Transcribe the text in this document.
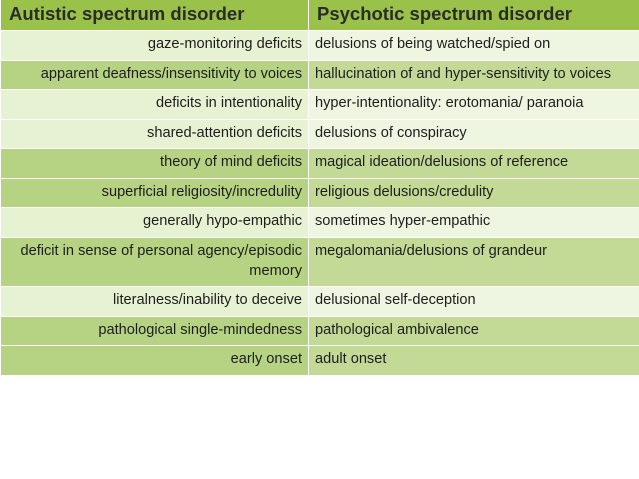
Autistic spectrum disorder	Psychotic spectrum disorder
gaze-monitoring deficits	delusions of being watched/spied on
apparent deafness/insensitivity to voices	hallucination of and hyper-sensitivity to voices
deficits in intentionality	hyper-intentionality: erotomania/ paranoia
shared-attention deficits	delusions of conspiracy
theory of mind deficits	magical ideation/delusions of reference
superficial religiosity/incredulity	religious delusions/credulity
generally hypo-empathic	sometimes hyper-empathic
deficit in sense of personal agency/episodic memory	megalomania/delusions of grandeur
literalness/inability to deceive	delusional self-deception
pathological single-mindedness	pathological ambivalence
early onset	adult onset
